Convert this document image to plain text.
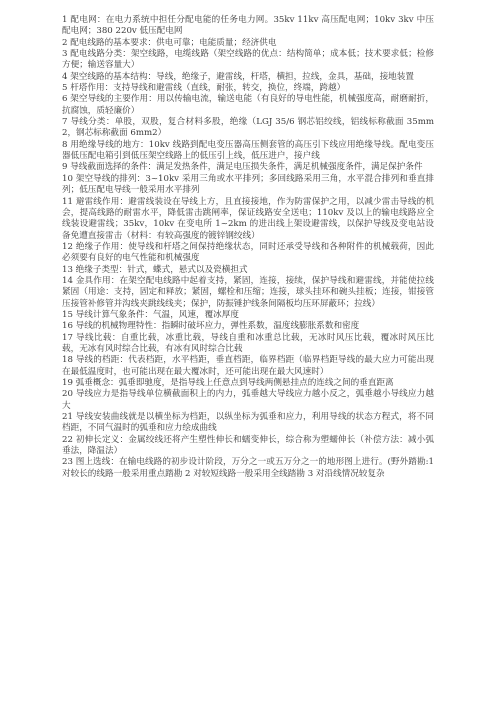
1 配电网：在电力系统中担任分配电能的任务电力网。35kv 11kv 高压配电网；10kv 3kv 中压配电网；380 220v 低压配电网

2 配电线路的基本要求：供电可靠；电能质量；经济供电

3 配电线路分类：架空线路，电缆线路（架空线路的优点：结构简单；成本低；技术要求低；检修方便；输送容量大）

4 架空线路的基本结构：导线，绝缘子，避雷线，杆塔，横担，拉线，金具，基础，接地装置

5 杆塔作用：支持导线和避雷线（直线，耐张，转交，换位，终端，跨越）

6 架空导线的主要作用：用以传输电流，输送电能（有良好的导电性能，机械强度高，耐磨耐折，抗腐蚀，质轻廉价）

7 导线分类：单股，双股，复合材料多股，绝缘（LGJ 35/6 钢芯铝绞线，铝线标称截面 35mm2，钢芯标称截面 6mm2）

8 用绝缘导线的地方：10kv 线路到配电变压器高压侧套管的高压引下线应用绝缘导线。配电变压器低压配电箱引到低压架空线路上的低压引上线，低压进户，接户线

9 导线截面选择的条件：满足发热条件，满足电压损失条件，满足机械强度条件，满足保护条件

10 架空导线的排列：3~10kv 采用三角或水平排列；多回线路采用三角，水平混合排列和垂直排列；低压配电导线一般采用水平排列

11 避雷线作用：避雷线装设在导线上方，且直接接地，作为防雷保护之用，以减少雷击导线的机会，提高线路的耐雷水平，降低雷击跳闸率，保证线路安全送电；110kv 及以上的输电线路应全线装设避雷线；35kv，10kv 在变电所 1~2km 的进出线上架设避雷线，以保护导线及变电站设备免遭直接雷击（材料：有较高强度的镀锌钢绞线）

12 绝缘子作用：使导线和杆塔之间保持绝缘状态，同时还承受导线和各种附件的机械载荷，因此必须要有良好的电气性能和机械强度

13 绝缘子类型：针式，蝶式，悬式以及瓷横担式

14 金具作用：在架空配电线路中起着支持，紧固，连接，接续，保护导线和避雷线，并能使拉线紧固（用途：支持，固定和释放；紧固，螺栓和压缩；连接，球头挂环和碗头挂板；连接，钳接管压接管补修管并沟线夹跳线线夹；保护，防振锤护线条间隔板均压环屏蔽环；拉线）

15 导线计算气象条件：气温，风速，覆冰厚度

16 导线的机械物理特性：指瞬时破坏应力，弹性系数，温度线膨胀系数和密度

17 导线比载：自重比载，冰重比载，导线自重和冰重总比载，无冰时风压比载，覆冰时风压比载，无冰有风时综合比载，有冰有风时综合比载

18 导线的档距：代表档距，水平档距，垂直档距，临界档距（临界档距导线的最大应力可能出现在最低温度时，也可能出现在最大覆冰时，还可能出现在最大风速时）

19 弧垂概念：弧垂即驰度，是指导线上任意点到导线两侧悬挂点的连线之间的垂直距离

20 导线应力是指导线单位横截面积上的内力，弧垂越大导线应力越小反之，弧垂越小导线应力越大

21 导线安装曲线就是以横坐标为档距，以纵坐标为弧垂和应力，利用导线的状态方程式，将不同档距，不同气温时的弧垂和应力绘成曲线

22 初伸长定义：金属绞线还将产生塑性伸长和蠕变伸长，综合称为塑蠕伸长（补偿方法：减小弧垂法，降温法）

23 图上选线：在输电线路的初步设计阶段，万分之一或五万分之一的地形图上进行。(野外踏勘:1 对较长的线路一般采用重点踏勘 2 对较短线路一般采用全线踏勘 3 对沿线情况较复杂
